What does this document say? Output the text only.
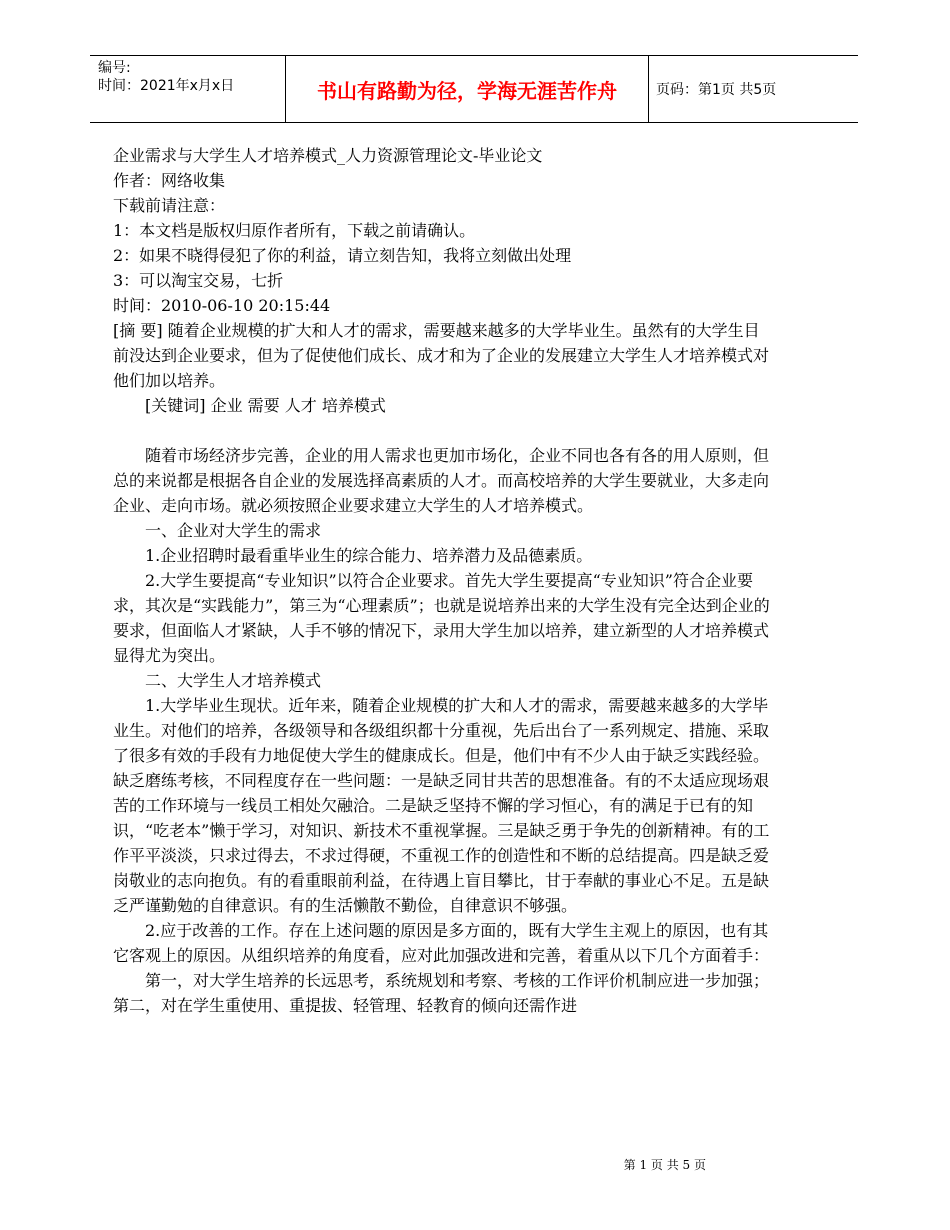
编号:
时间：2021年x月x日	书山有路勤为径，学海无涯苦作舟	页码：第1页 共5页

企业需求与大学生人才培养模式_人力资源管理论文-毕业论文

作者：网络收集

下载前请注意：

1：本文档是版权归原作者所有，下载之前请确认。

2：如果不晓得侵犯了你的利益，请立刻告知，我将立刻做出处理

3：可以淘宝交易，七折

时间：2010-06-10 20:15:44

[摘 要] 随着企业规模的扩大和人才的需求，需要越来越多的大学毕业生。虽然有的大学生目前没达到企业要求，但为了促使他们成长、成才和为了企业的发展建立大学生人才培养模式对他们加以培养。

[关键词] 企业 需要 人才 培养模式

随着市场经济步完善，企业的用人需求也更加市场化，企业不同也各有各的用人原则，但总的来说都是根据各自企业的发展选择高素质的人才。而高校培养的大学生要就业，大多走向企业、走向市场。就必须按照企业要求建立大学生的人才培养模式。

一、企业对大学生的需求

1.企业招聘时最看重毕业生的综合能力、培养潜力及品德素质。

2.大学生要提高“专业知识”以符合企业要求。首先大学生要提高“专业知识”符合企业要求，其次是“实践能力”，第三为“心理素质”；也就是说培养出来的大学生没有完全达到企业的要求，但面临人才紧缺，人手不够的情况下，录用大学生加以培养，建立新型的人才培养模式显得尤为突出。

二、大学生人才培养模式

1.大学毕业生现状。近年来，随着企业规模的扩大和人才的需求，需要越来越多的大学毕业生。对他们的培养，各级领导和各级组织都十分重视，先后出台了一系列规定、措施、采取了很多有效的手段有力地促使大学生的健康成长。但是，他们中有不少人由于缺乏实践经验。缺乏磨练考核，不同程度存在一些问题：一是缺乏同甘共苦的思想准备。有的不太适应现场艰苦的工作环境与一线员工相处欠融洽。二是缺乏坚持不懈的学习恒心，有的满足于已有的知识，“吃老本”懒于学习，对知识、新技术不重视掌握。三是缺乏勇于争先的创新精神。有的工作平平淡淡，只求过得去，不求过得硬，不重视工作的创造性和不断的总结提高。四是缺乏爱岗敬业的志向抱负。有的看重眼前利益，在待遇上盲目攀比，甘于奉献的事业心不足。五是缺乏严谨勤勉的自律意识。有的生活懒散不勤俭，自律意识不够强。

2.应于改善的工作。存在上述问题的原因是多方面的，既有大学生主观上的原因，也有其它客观上的原因。从组织培养的角度看，应对此加强改进和完善，着重从以下几个方面着手：

第一，对大学生培养的长远思考，系统规划和考察、考核的工作评价机制应进一步加强；第二，对在学生重使用、重提拔、轻管理、轻教育的倾向还需作进

第 1 页 共 5 页
